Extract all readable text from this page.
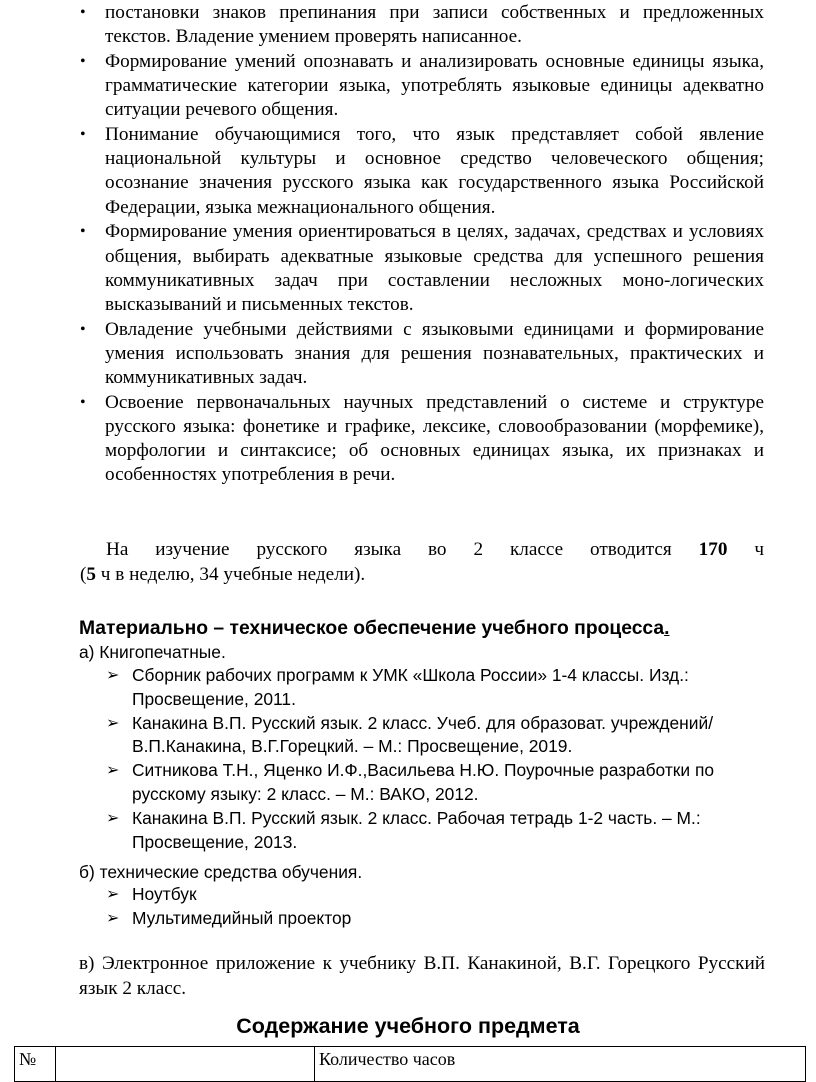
• постановки знаков препинания при записи собственных и предложенных текстов. Владение умением проверять написанное.
• Формирование умений опознавать и анализировать основные единицы языка, грамматические категории языка, употреблять языковые единицы адекватно ситуации речевого общения.
• Понимание обучающимися того, что язык представляет собой явление национальной культуры и основное средство человеческого общения; осознание значения русского языка как государственного языка Российской Федерации, языка межнационального общения.
• Формирование умения ориентироваться в целях, задачах, средствах и условиях общения, выбирать адекватные языковые средства для успешного решения коммуникативных задач при составлении несложных моно-логических высказываний и письменных текстов.
• Овладение учебными действиями с языковыми единицами и формирование умения использовать знания для решения познавательных, практических и коммуникативных задач.
• Освоение первоначальных научных представлений о системе и структуре русского языка: фонетике и графике, лексике, словообразовании (морфемике), морфологии и синтаксисе; об основных единицах языка, их признаках и особенностях употребления в речи.
На изучение русского языка во 2 классе отводится 170 ч
(5 ч в неделю, 34 учебные недели).
Материально – техническое обеспечение учебного процесса.
а) Книгопечатные.
➢ Сборник рабочих программ к УМК «Школа России» 1-4 классы. Изд.: Просвещение, 2011.
➢ Канакина В.П. Русский язык. 2 класс. Учеб. для образоват. учреждений/ В.П.Канакина, В.Г.Горецкий. – М.: Просвещение, 2019.
➢ Ситникова Т.Н., Яценко И.Ф.,Васильева Н.Ю. Поурочные разработки по русскому языку: 2 класс. – М.: ВАКО, 2012.
➢ Канакина В.П. Русский язык. 2 класс. Рабочая тетрадь 1-2 часть. – М.: Просвещение, 2013.
б) технические средства обучения.
➢ Ноутбук
➢ Мультимедийный проектор
в) Электронное приложение к учебнику В.П. Канакиной, В.Г. Горецкого Русский язык 2 класс.
Содержание учебного предмета
№		Количество часов
